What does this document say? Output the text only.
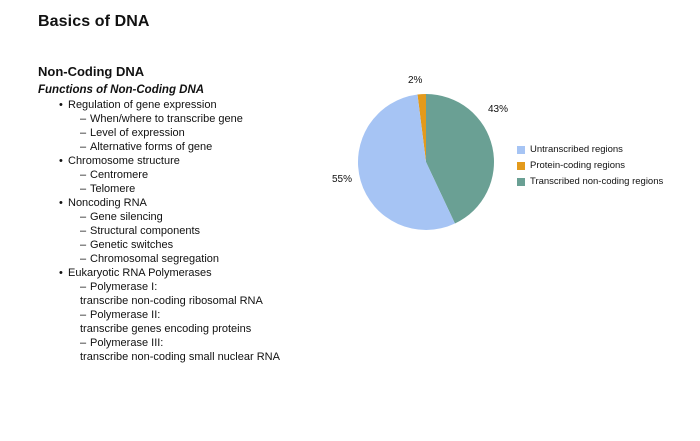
Basics of DNA
Non-Coding DNA
Functions of Non-Coding DNA
• Regulation of gene expression
– When/where to transcribe gene
– Level of expression
– Alternative forms of gene
• Chromosome structure
– Centromere
– Telomere
• Noncoding RNA
– Gene silencing
– Structural components
– Genetic switches
– Chromosomal segregation
• Eukaryotic RNA Polymerases
– Polymerase I:
transcribe non-coding ribosomal RNA
– Polymerase II:
transcribe genes encoding proteins
– Polymerase III:
transcribe non-coding small nuclear RNA
55%
2%
43%
Untranscribed regions
Protein-coding regions
Transcribed non-coding regions
